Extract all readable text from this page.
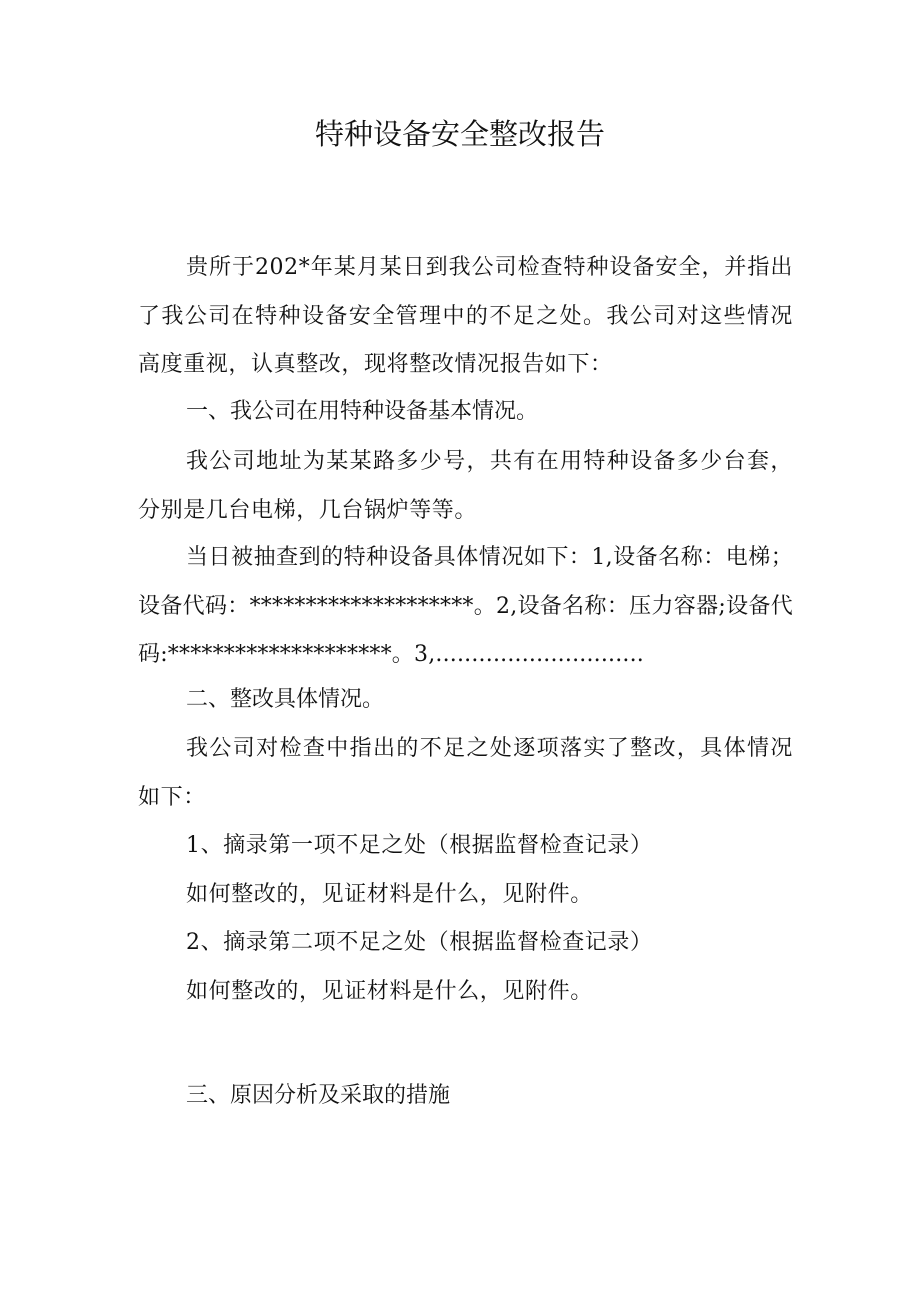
特种设备安全整改报告

贵所于202*年某月某日到我公司检查特种设备安全，并指出了我公司在特种设备安全管理中的不足之处。我公司对这些情况高度重视，认真整改，现将整改情况报告如下：

一、我公司在用特种设备基本情况。

我公司地址为某某路多少号，共有在用特种设备多少台套，分别是几台电梯，几台锅炉等等。

当日被抽查到的特种设备具体情况如下：1,设备名称：电梯；设备代码：********************。2,设备名称：压力容器;设备代码:********************。3,.............................

二、整改具体情况。

我公司对检查中指出的不足之处逐项落实了整改，具体情况如下：

1、摘录第一项不足之处（根据监督检查记录）

如何整改的，见证材料是什么，见附件。

2、摘录第二项不足之处（根据监督检查记录）

如何整改的，见证材料是什么，见附件。

三、原因分析及采取的措施
